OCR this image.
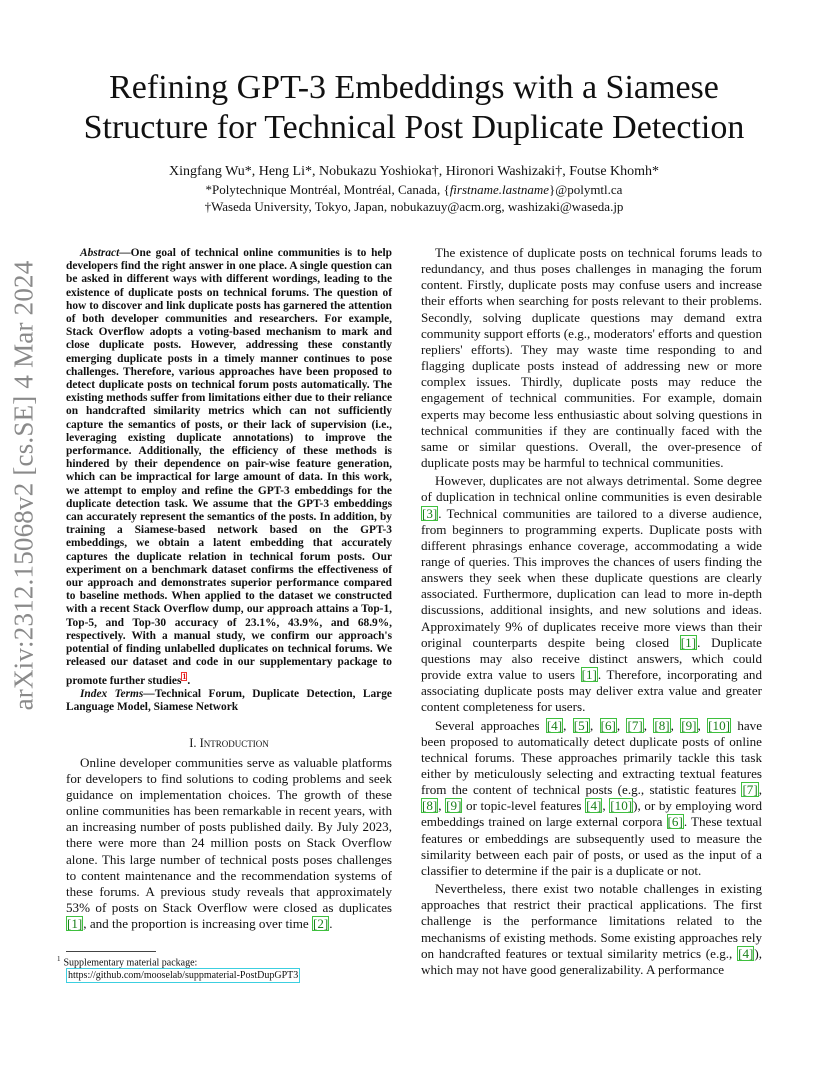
arXiv:2312.15068v2 [cs.SE] 4 Mar 2024
Refining GPT-3 Embeddings with a Siamese
Structure for Technical Post Duplicate Detection
Xingfang Wu*, Heng Li*, Nobukazu Yoshioka†, Hironori Washizaki†, Foutse Khomh*
*Polytechnique Montréal, Montréal, Canada, {firstname.lastname}@polymtl.ca
†Waseda University, Tokyo, Japan, nobukazuy@acm.org, washizaki@waseda.jp

Abstract—One goal of technical online communities is to help developers find the right answer in one place. A single question can be asked in different ways with different wordings, leading to the existence of duplicate posts on technical forums. The question of how to discover and link duplicate posts has garnered the attention of both developer communities and researchers. For example, Stack Overflow adopts a voting-based mechanism to mark and close duplicate posts. However, addressing these constantly emerging duplicate posts in a timely manner continues to pose challenges. Therefore, various approaches have been proposed to detect duplicate posts on technical forum posts automatically. The existing methods suffer from limitations either due to their reliance on handcrafted similarity metrics which can not sufficiently capture the semantics of posts, or their lack of supervision (i.e., leveraging existing duplicate annotations) to improve the performance. Additionally, the efficiency of these methods is hindered by their dependence on pair-wise feature generation, which can be impractical for large amount of data. In this work, we attempt to employ and refine the GPT-3 embeddings for the duplicate detection task. We assume that the GPT-3 embeddings can accurately represent the semantics of the posts. In addition, by training a Siamese-based network based on the GPT-3 embeddings, we obtain a latent embedding that accurately captures the duplicate relation in technical forum posts. Our experiment on a benchmark dataset confirms the effectiveness of our approach and demonstrates superior performance compared to baseline methods. When applied to the dataset we constructed with a recent Stack Overflow dump, our approach attains a Top-1, Top-5, and Top-30 accuracy of 23.1%, 43.9%, and 68.9%, respectively. With a manual study, we confirm our approach's potential of finding unlabelled duplicates on technical forums. We released our dataset and code in our supplementary package to promote further studies$^1$.

Index Terms—Technical Forum, Duplicate Detection, Large Language Model, Siamese Network

I. Introduction

Online developer communities serve as valuable platforms for developers to find solutions to coding problems and seek guidance on implementation choices. The growth of these online communities has been remarkable in recent years, with an increasing number of posts published daily. By July 2023, there were more than 24 million posts on Stack Overflow alone. This large number of technical posts poses challenges to content maintenance and the recommendation systems of these forums. A previous study reveals that approximately 53% of posts on Stack Overflow were closed as duplicates [1], and the proportion is increasing over time [2].

The existence of duplicate posts on technical forums leads to redundancy, and thus poses challenges in managing the forum content. Firstly, duplicate posts may confuse users and increase their efforts when searching for posts relevant to their problems. Secondly, solving duplicate questions may demand extra community support efforts (e.g., moderators' efforts and question repliers' efforts). They may waste time responding to and flagging duplicate posts instead of addressing new or more complex issues. Thirdly, duplicate posts may reduce the engagement of technical communities. For example, domain experts may become less enthusiastic about solving questions in technical communities if they are continually faced with the same or similar questions. Overall, the over-presence of duplicate posts may be harmful to technical communities.

However, duplicates are not always detrimental. Some degree of duplication in technical online communities is even desirable [3]. Technical communities are tailored to a diverse audience, from beginners to programming experts. Duplicate posts with different phrasings enhance coverage, accommodating a wide range of queries. This improves the chances of users finding the answers they seek when these duplicate questions are clearly associated. Furthermore, duplication can lead to more in-depth discussions, additional insights, and new solutions and ideas. Approximately 9% of duplicates receive more views than their original counterparts despite being closed [1]. Duplicate questions may also receive distinct answers, which could provide extra value to users [1]. Therefore, incorporating and associating duplicate posts may deliver extra value and greater content completeness for users.

Several approaches [4], [5], [6], [7], [8], [9], [10] have been proposed to automatically detect duplicate posts of online technical forums. These approaches primarily tackle this task either by meticulously selecting and extracting textual features from the content of technical posts (e.g., statistic features [7], [8], [9] or topic-level features [4], [10]), or by employing word embeddings trained on large external corpora [6]. These textual features or embeddings are subsequently used to measure the similarity between each pair of posts, or used as the input of a classifier to determine if the pair is a duplicate or not.

Nevertheless, there exist two notable challenges in existing approaches that restrict their practical applications. The first challenge is the performance limitations related to the mechanisms of existing methods. Some existing approaches rely on handcrafted features or textual similarity metrics (e.g., [4]), which may not have good generalizability. A performance

$^1$ Supplementary material package:
https://github.com/mooselab/suppmaterial-PostDupGPT3
